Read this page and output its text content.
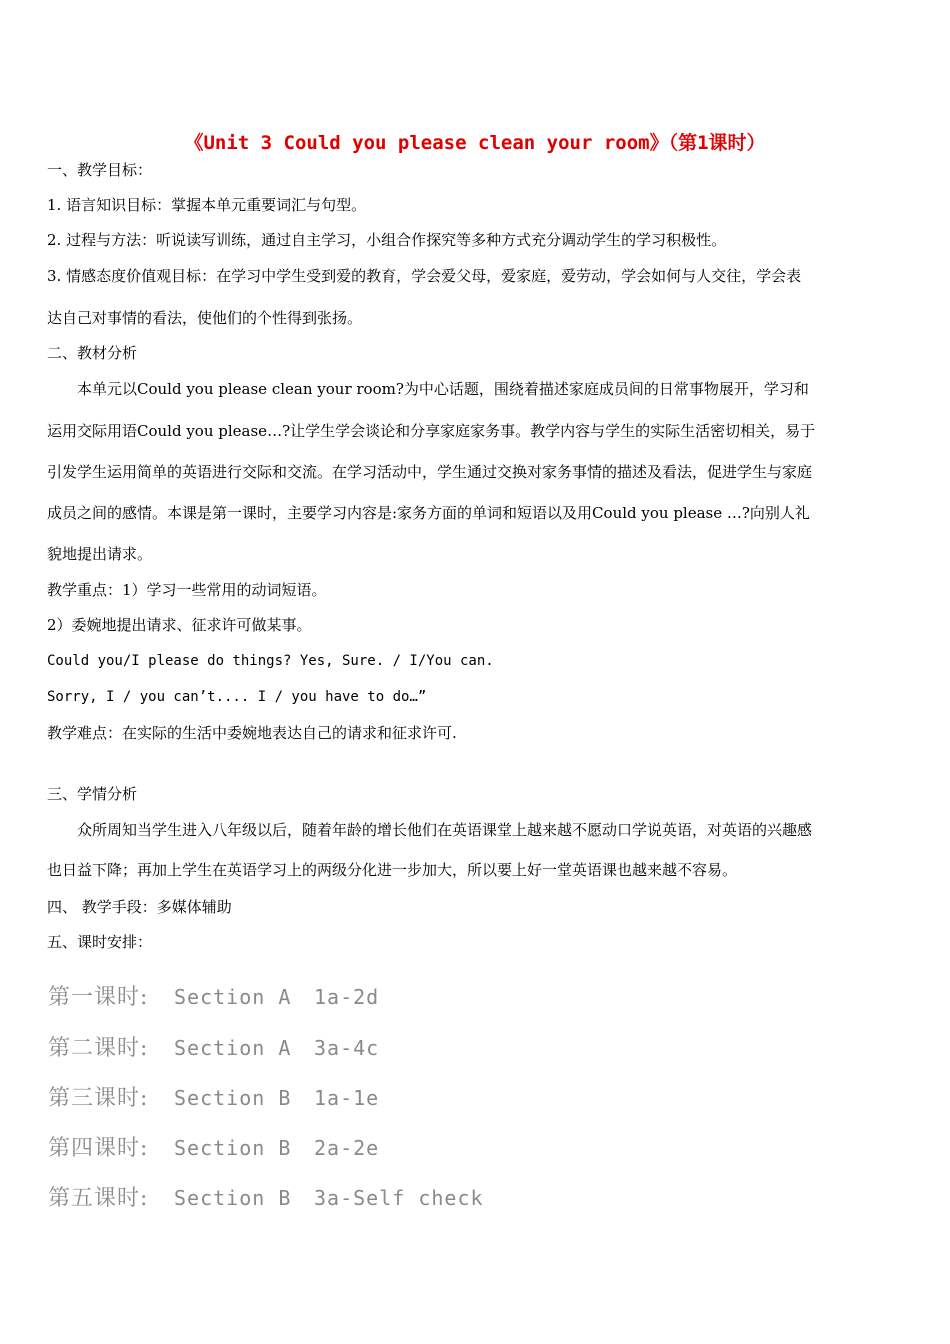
《Unit 3 Could you please clean your room》（第1课时）
一、教学目标：
1. 语言知识目标：掌握本单元重要词汇与句型。
2. 过程与方法：听说读写训练，通过自主学习，小组合作探究等多种方式充分调动学生的学习积极性。
3. 情感态度价值观目标：在学习中学生受到爱的教育，学会爱父母，爱家庭，爱劳动，学会如何与人交往，学会表
达自己对事情的看法，使他们的个性得到张扬。
二、教材分析
　　本单元以Could you please clean your room?为中心话题，围绕着描述家庭成员间的日常事物展开，学习和
运用交际用语Could you please…?让学生学会谈论和分享家庭家务事。教学内容与学生的实际生活密切相关，易于
引发学生运用简单的英语进行交际和交流。在学习活动中，学生通过交换对家务事情的描述及看法，促进学生与家庭
成员之间的感情。本课是第一课时，主要学习内容是:家务方面的单词和短语以及用Could you please …?向别人礼
貌地提出请求。
教学重点：1）学习一些常用的动词短语。
2）委婉地提出请求、征求许可做某事。
Could you/I please do things? Yes, Sure. / I/You can.
Sorry, I / you can’t.... I / you have to do…”
教学难点：在实际的生活中委婉地表达自己的请求和征求许可.
三、学情分析
　　众所周知当学生进入八年级以后，随着年龄的增长他们在英语课堂上越来越不愿动口学说英语，对英语的兴趣感
也日益下降；再加上学生在英语学习上的两级分化进一步加大，所以要上好一堂英语课也越来越不容易。
四、 教学手段：多媒体辅助
五、课时安排：
第一课时: Section A 1a-2d
第二课时: Section A 3a-4c
第三课时: Section B 1a-1e
第四课时: Section B 2a-2e
第五课时: Section B 3a-Self check
